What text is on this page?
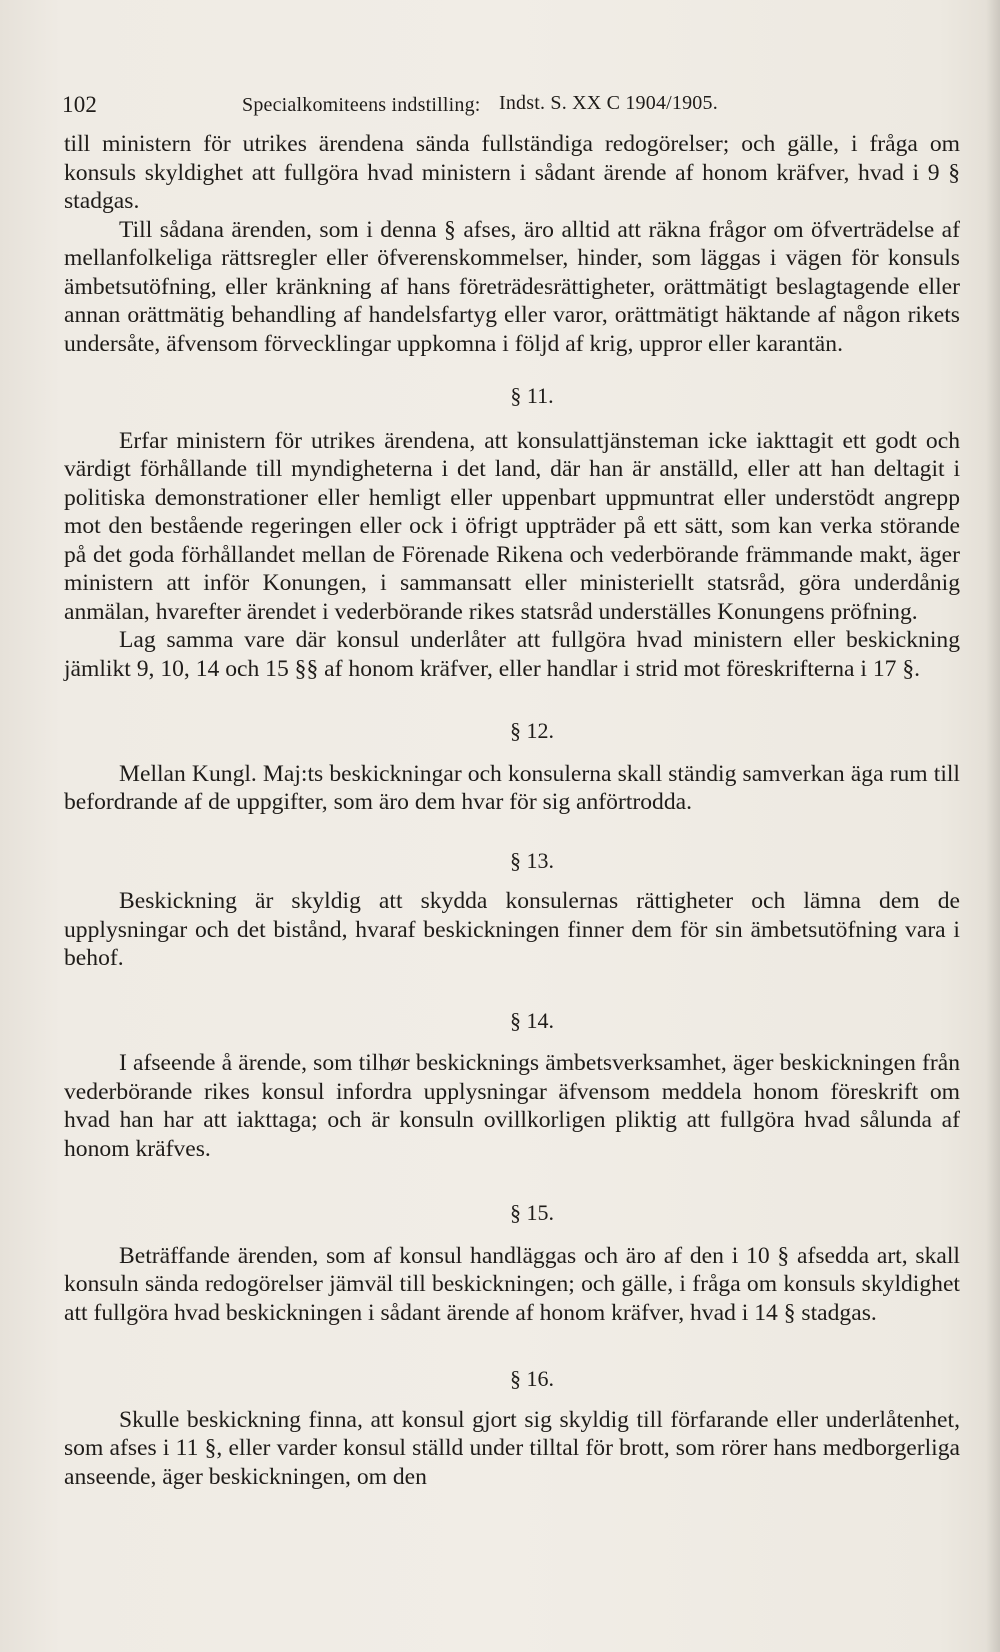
102	Specialkomiteens indstilling: Indst. S. XX C 1904/1905.

till ministern för utrikes ärendena sända fullständiga redogörelser; och gälle, i fråga om konsuls skyldighet att fullgöra hvad ministern i sådant ärende af honom kräfver, hvad i 9 § stadgas.

Till sådana ärenden, som i denna § afses, äro alltid att räkna frågor om öfverträdelse af mellanfolkeliga rättsregler eller öfverenskommelser, hinder, som läggas i vägen för konsuls ämbetsutöfning, eller kränkning af hans företrädesrättigheter, orättmätigt beslagtagende eller annan orättmätig behandling af handelsfartyg eller varor, orättmätigt häktande af någon rikets undersåte, äfvensom förvecklingar uppkomna i följd af krig, uppror eller karantän.

§ 11.

Erfar ministern för utrikes ärendena, att konsulattjänsteman icke iakttagit ett godt och värdigt förhållande till myndigheterna i det land, där han är anställd, eller att han deltagit i politiska demonstrationer eller hemligt eller uppenbart uppmuntrat eller understödt angrepp mot den bestående regeringen eller ock i öfrigt uppträder på ett sätt, som kan verka störande på det goda förhållandet mellan de Förenade Rikena och vederbörande främmande makt, äger ministern att inför Konungen, i sammansatt eller ministeriellt statsråd, göra underdånig anmälan, hvarefter ärendet i vederbörande rikes statsråd underställes Konungens pröfning.

Lag samma vare där konsul underlåter att fullgöra hvad ministern eller beskickning jämlikt 9, 10, 14 och 15 §§ af honom kräfver, eller handlar i strid mot föreskrifterna i 17 §.

§ 12.

Mellan Kungl. Maj:ts beskickningar och konsulerna skall ständig samverkan äga rum till befordrande af de uppgifter, som äro dem hvar för sig anförtrodda.

§ 13.

Beskickning är skyldig att skydda konsulernas rättigheter och lämna dem de upplysningar och det bistånd, hvaraf beskickningen finner dem för sin ämbetsutöfning vara i behof.

§ 14.

I afseende å ärende, som tilhør beskicknings ämbetsverksamhet, äger beskickningen från vederbörande rikes konsul infordra upplysningar äfvensom meddela honom föreskrift om hvad han har att iakttaga; och är konsuln ovillkorligen pliktig att fullgöra hvad sålunda af honom kräfves.

§ 15.

Beträffande ärenden, som af konsul handläggas och äro af den i 10 § afsedda art, skall konsuln sända redogörelser jämväl till beskickningen; och gälle, i fråga om konsuls skyldighet att fullgöra hvad beskickningen i sådant ärende af honom kräfver, hvad i 14 § stadgas.

§ 16.

Skulle beskickning finna, att konsul gjort sig skyldig till förfarande eller underlåtenhet, som afses i 11 §, eller varder konsul ställd under tilltal för brott, som rörer hans medborgerliga anseende, äger beskickningen, om den
